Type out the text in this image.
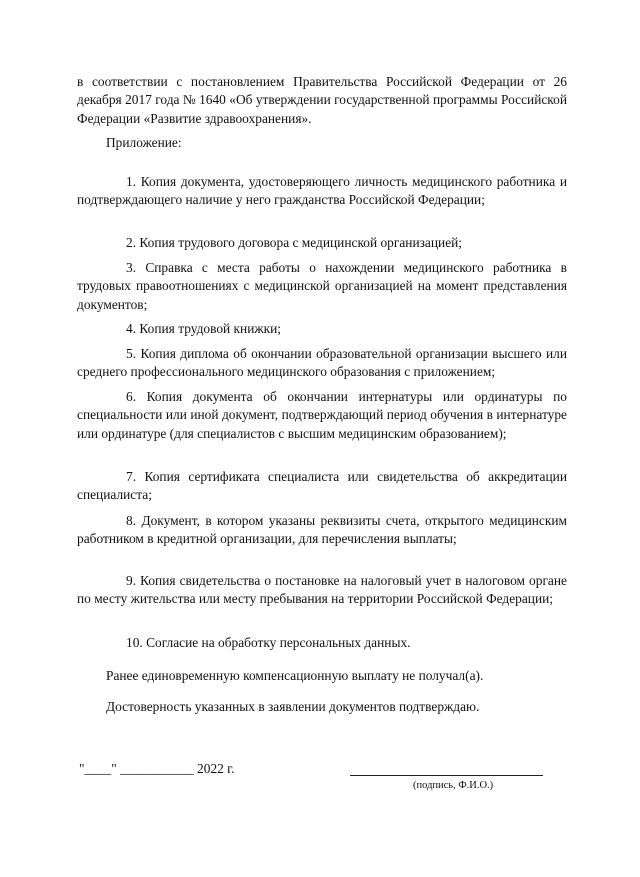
в соответствии с постановлением Правительства Российской Федерации от 26 декабря 2017 года № 1640 «Об утверждении государственной программы Российской Федерации «Развитие здравоохранения».
Приложение:
1. Копия документа, удостоверяющего личность медицинского работника и подтверждающего наличие у него гражданства Российской Федерации;
2. Копия трудового договора с медицинской организацией;
3. Справка с места работы о нахождении медицинского работника в трудовых правоотношениях с медицинской организацией на момент представления документов;
4. Копия трудовой книжки;
5. Копия диплома об окончании образовательной организации высшего или среднего профессионального медицинского образования с приложением;
6. Копия документа об окончании интернатуры или ординатуры по специальности или иной документ, подтверждающий период обучения в интернатуре или ординатуре (для специалистов с высшим медицинским образованием);
7. Копия сертификата специалиста или свидетельства об аккредитации специалиста;
8. Документ, в котором указаны реквизиты счета, открытого медицинским работником в кредитной организации, для перечисления выплаты;
9. Копия свидетельства о постановке на налоговый учет в налоговом органе по месту жительства или месту пребывания на территории Российской Федерации;
10. Согласие на обработку персональных данных.
Ранее единовременную компенсационную выплату не получал(а).
Достоверность указанных в заявлении документов подтверждаю.
"____" ___________ 2022 г.
(подпись, Ф.И.О.)
